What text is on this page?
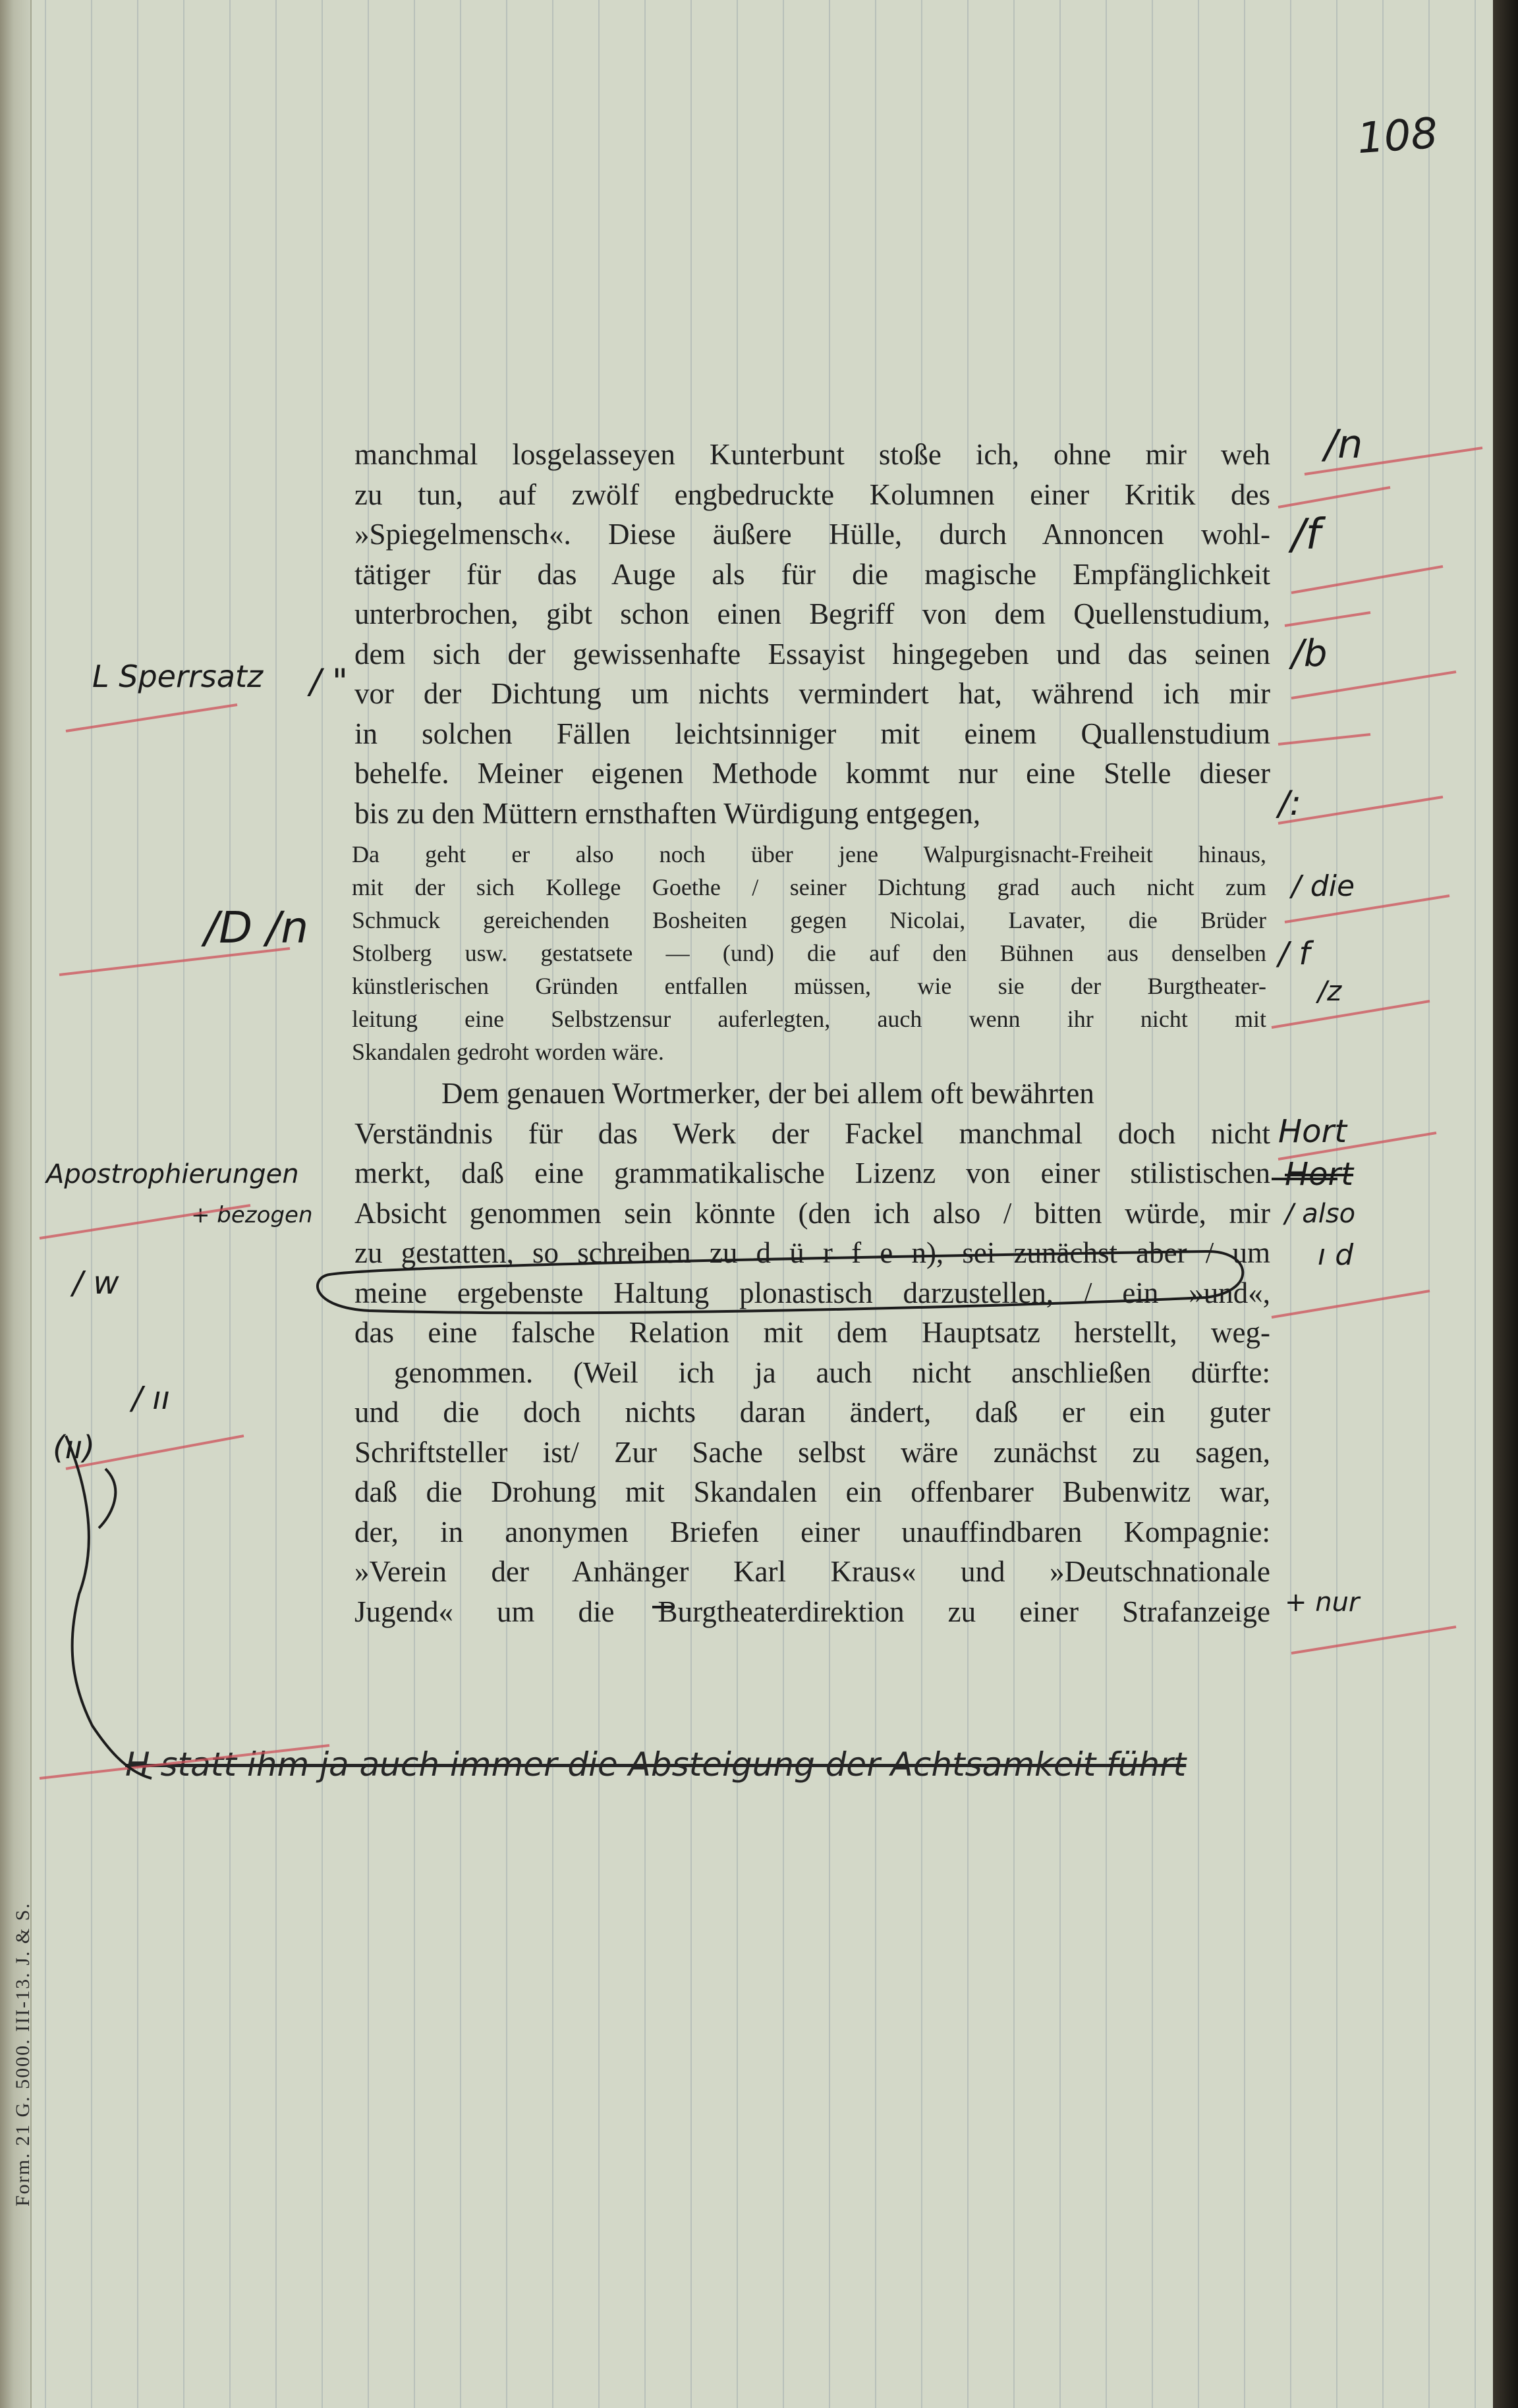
108
manchmal losgelasseyen Kunterbunt stoße ich, ohne mir weh
zu tun, auf zwölf engbedruckte Kolumnen einer Kritik des
»Spiegelmensch«. Diese äußere Hülle, durch Annoncen wohl-
tätiger für das Auge als für die magische Empfänglichkeit
unterbrochen, gibt schon einen Begriff von dem Quellenstudium,
dem sich der gewissenhafte Essayist hingegeben und das seinen
vor der Dichtung um nichts vermindert hat, während ich mir
in solchen Fällen leichtsinniger mit einem Quallenstudium
behelfe. Meiner eigenen Methode kommt nur eine Stelle dieser
bis zu den Müttern ernsthaften Würdigung entgegen,
Da geht er also noch über jene Walpurgisnacht-Freiheit hinaus,
mit der sich Kollege Goethe / seiner Dichtung grad auch nicht zum
Schmuck gereichenden Bosheiten gegen Nicolai, Lavater, die Brüder
Stolberg usw. gestatsete — (und) die auf den Bühnen aus denselben
künstlerischen Gründen entfallen müssen, wie sie der Burgtheater-
leitung eine Selbstzensur auferlegten, auch wenn ihr nicht mit
Skandalen gedroht worden wäre.
Dem genauen Wortmerker, der bei allem oft bewährten
Verständnis für das Werk der Fackel manchmal doch nicht
merkt, daß eine grammatikalische Lizenz von einer stilistischen
Absicht genommen sein könnte (den ich also / bitten würde, mir
zu gestatten, so schreiben zu d ü r f e n), sei zunächst aber / um
meine ergebenste Haltung plonastisch darzustellen, / ein »und«,
das eine falsche Relation mit dem Hauptsatz herstellt, weg-
genommen. (Weil ich ja auch nicht anschließen dürfte:
und die doch nichts daran ändert, daß er ein guter
Schriftsteller ist/ Zur Sache selbst wäre zunächst zu sagen,
daß die Drohung mit Skandalen ein offenbarer Bubenwitz war,
der, in anonymen Briefen einer unauffindbaren Kompagnie:
»Verein der Anhänger Karl Kraus« und »Deutschnationale
Jugend« um die Burgtheaterdirektion zu einer Strafanzeige
/n
/f
/b
/:
/ die
/ f
/z
Hort
Hort
/ also
ı d
+ nur
L Sperrsatz / "
/D /n
Apostrophierungen
+ bezogen
/ w
/ ıı
(ıı)
H statt ihm ja auch immer die Absteigung der Achtsamkeit führt
Form. 21 G. 5000. III-13. J. & S.
